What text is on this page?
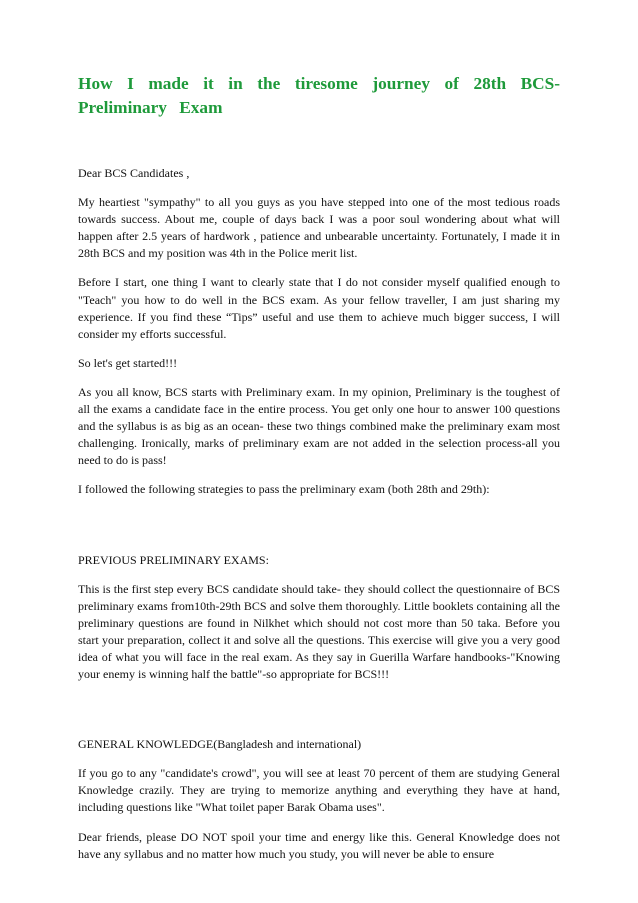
How I made it in the tiresome journey of 28th BCS-Preliminary Exam

Dear BCS Candidates ,

My heartiest "sympathy" to all you guys as you have stepped into one of the most tedious roads towards success. About me, couple of days back I was a poor soul wondering about what will happen after 2.5 years of hardwork , patience and unbearable uncertainty. Fortunately, I made it in 28th BCS and my position was 4th in the Police merit list.

Before I start, one thing I want to clearly state that I do not consider myself qualified enough to "Teach" you how to do well in the BCS exam. As your fellow traveller, I am just sharing my experience. If you find these “Tips” useful and use them to achieve much bigger success, I will consider my efforts successful.

So let's get started!!!

As you all know, BCS starts with Preliminary exam. In my opinion, Preliminary is the toughest of all the exams a candidate face in the entire process. You get only one hour to answer 100 questions and the syllabus is as big as an ocean- these two things combined make the preliminary exam most challenging. Ironically, marks of preliminary exam are not added in the selection process-all you need to do is pass!

I followed the following strategies to pass the preliminary exam (both 28th and 29th):

PREVIOUS PRELIMINARY EXAMS:

This is the first step every BCS candidate should take- they should collect the questionnaire of BCS preliminary exams from10th-29th BCS and solve them thoroughly. Little booklets containing all the preliminary questions are found in Nilkhet which should not cost more than 50 taka. Before you start your preparation, collect it and solve all the questions. This exercise will give you a very good idea of what you will face in the real exam. As they say in Guerilla Warfare handbooks-"Knowing your enemy is winning half the battle"-so appropriate for BCS!!!

GENERAL KNOWLEDGE(Bangladesh and international)

If you go to any "candidate's crowd", you will see at least 70 percent of them are studying General Knowledge crazily. They are trying to memorize anything and everything they have at hand, including questions like "What toilet paper Barak Obama uses".

Dear friends, please DO NOT spoil your time and energy like this. General Knowledge does not have any syllabus and no matter how much you study, you will never be able to ensure
